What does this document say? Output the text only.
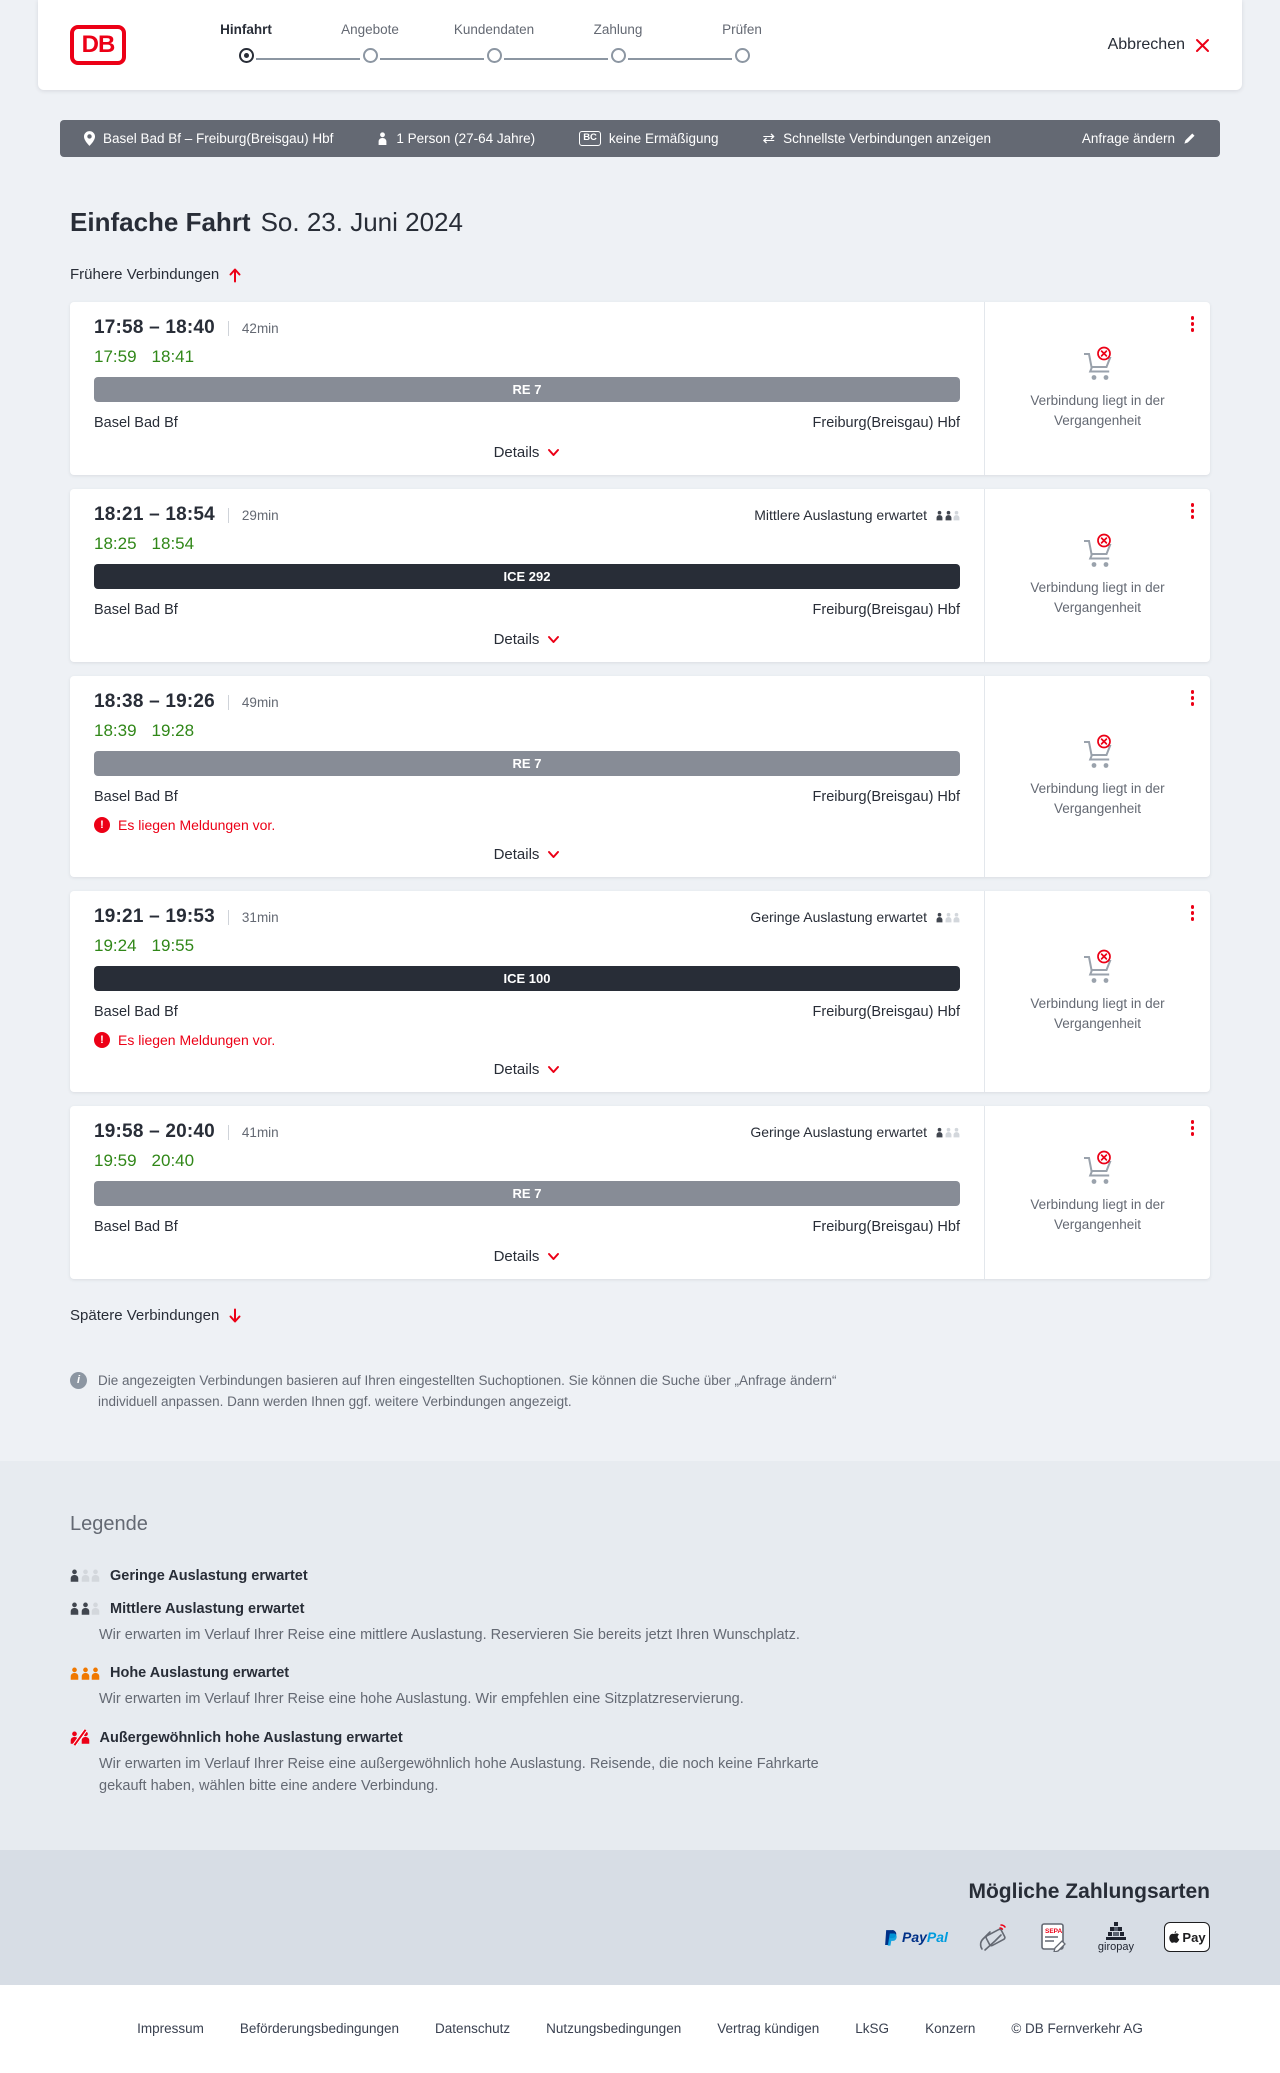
DB
Hinfahrt	Angebote	Kundendaten	Zahlung	Prüfen
Abbrechen
Basel Bad Bf – Freiburg(Breisgau) Hbf	1 Person (27-64 Jahre)	BC keine Ermäßigung	⇄ Schnellste Verbindungen anzeigen	Anfrage ändern
Einfache Fahrt So. 23. Juni 2024
Frühere Verbindungen
17:58 – 18:40 42min
17:59 18:41
RE 7
Basel Bad Bf	Freiburg(Breisgau) Hbf
Details
Verbindung liegt in der Vergangenheit
18:21 – 18:54 29min	Mittlere Auslastung erwartet
18:25 18:54
ICE 292
Basel Bad Bf	Freiburg(Breisgau) Hbf
Details
Verbindung liegt in der Vergangenheit
18:38 – 19:26 49min
18:39 19:28
RE 7
Basel Bad Bf	Freiburg(Breisgau) Hbf
!	Es liegen Meldungen vor.
Details
Verbindung liegt in der Vergangenheit
19:21 – 19:53 31min	Geringe Auslastung erwartet
19:24 19:55
ICE 100
Basel Bad Bf	Freiburg(Breisgau) Hbf
!	Es liegen Meldungen vor.
Details
Verbindung liegt in der Vergangenheit
19:58 – 20:40 41min	Geringe Auslastung erwartet
19:59 20:40
RE 7
Basel Bad Bf	Freiburg(Breisgau) Hbf
Details
Verbindung liegt in der Vergangenheit
Spätere Verbindungen
i	Die angezeigten Verbindungen basieren auf Ihren eingestellten Suchoptionen. Sie können die Suche über „Anfrage ändern“ individuell anpassen. Dann werden Ihnen ggf. weitere Verbindungen angezeigt.

Legende
Geringe Auslastung erwartet
Mittlere Auslastung erwartet

Wir erwarten im Verlauf Ihrer Reise eine mittlere Auslastung. Reservieren Sie bereits jetzt Ihren Wunschplatz.

Hohe Auslastung erwartet

Wir erwarten im Verlauf Ihrer Reise eine hohe Auslastung. Wir empfehlen eine Sitzplatzreservierung.

Außergewöhnlich hohe Auslastung erwartet

Wir erwarten im Verlauf Ihrer Reise eine außergewöhnlich hohe Auslastung. Reisende, die noch keine Fahrkarte gekauft haben, wählen bitte eine andere Verbindung.

Mögliche Zahlungsarten
PayPal	SEPA
giropay
Pay
Impressum	Beförderungsbedingungen	Datenschutz	Nutzungsbedingungen	Vertrag kündigen	LkSG	Konzern	© DB Fernverkehr AG
